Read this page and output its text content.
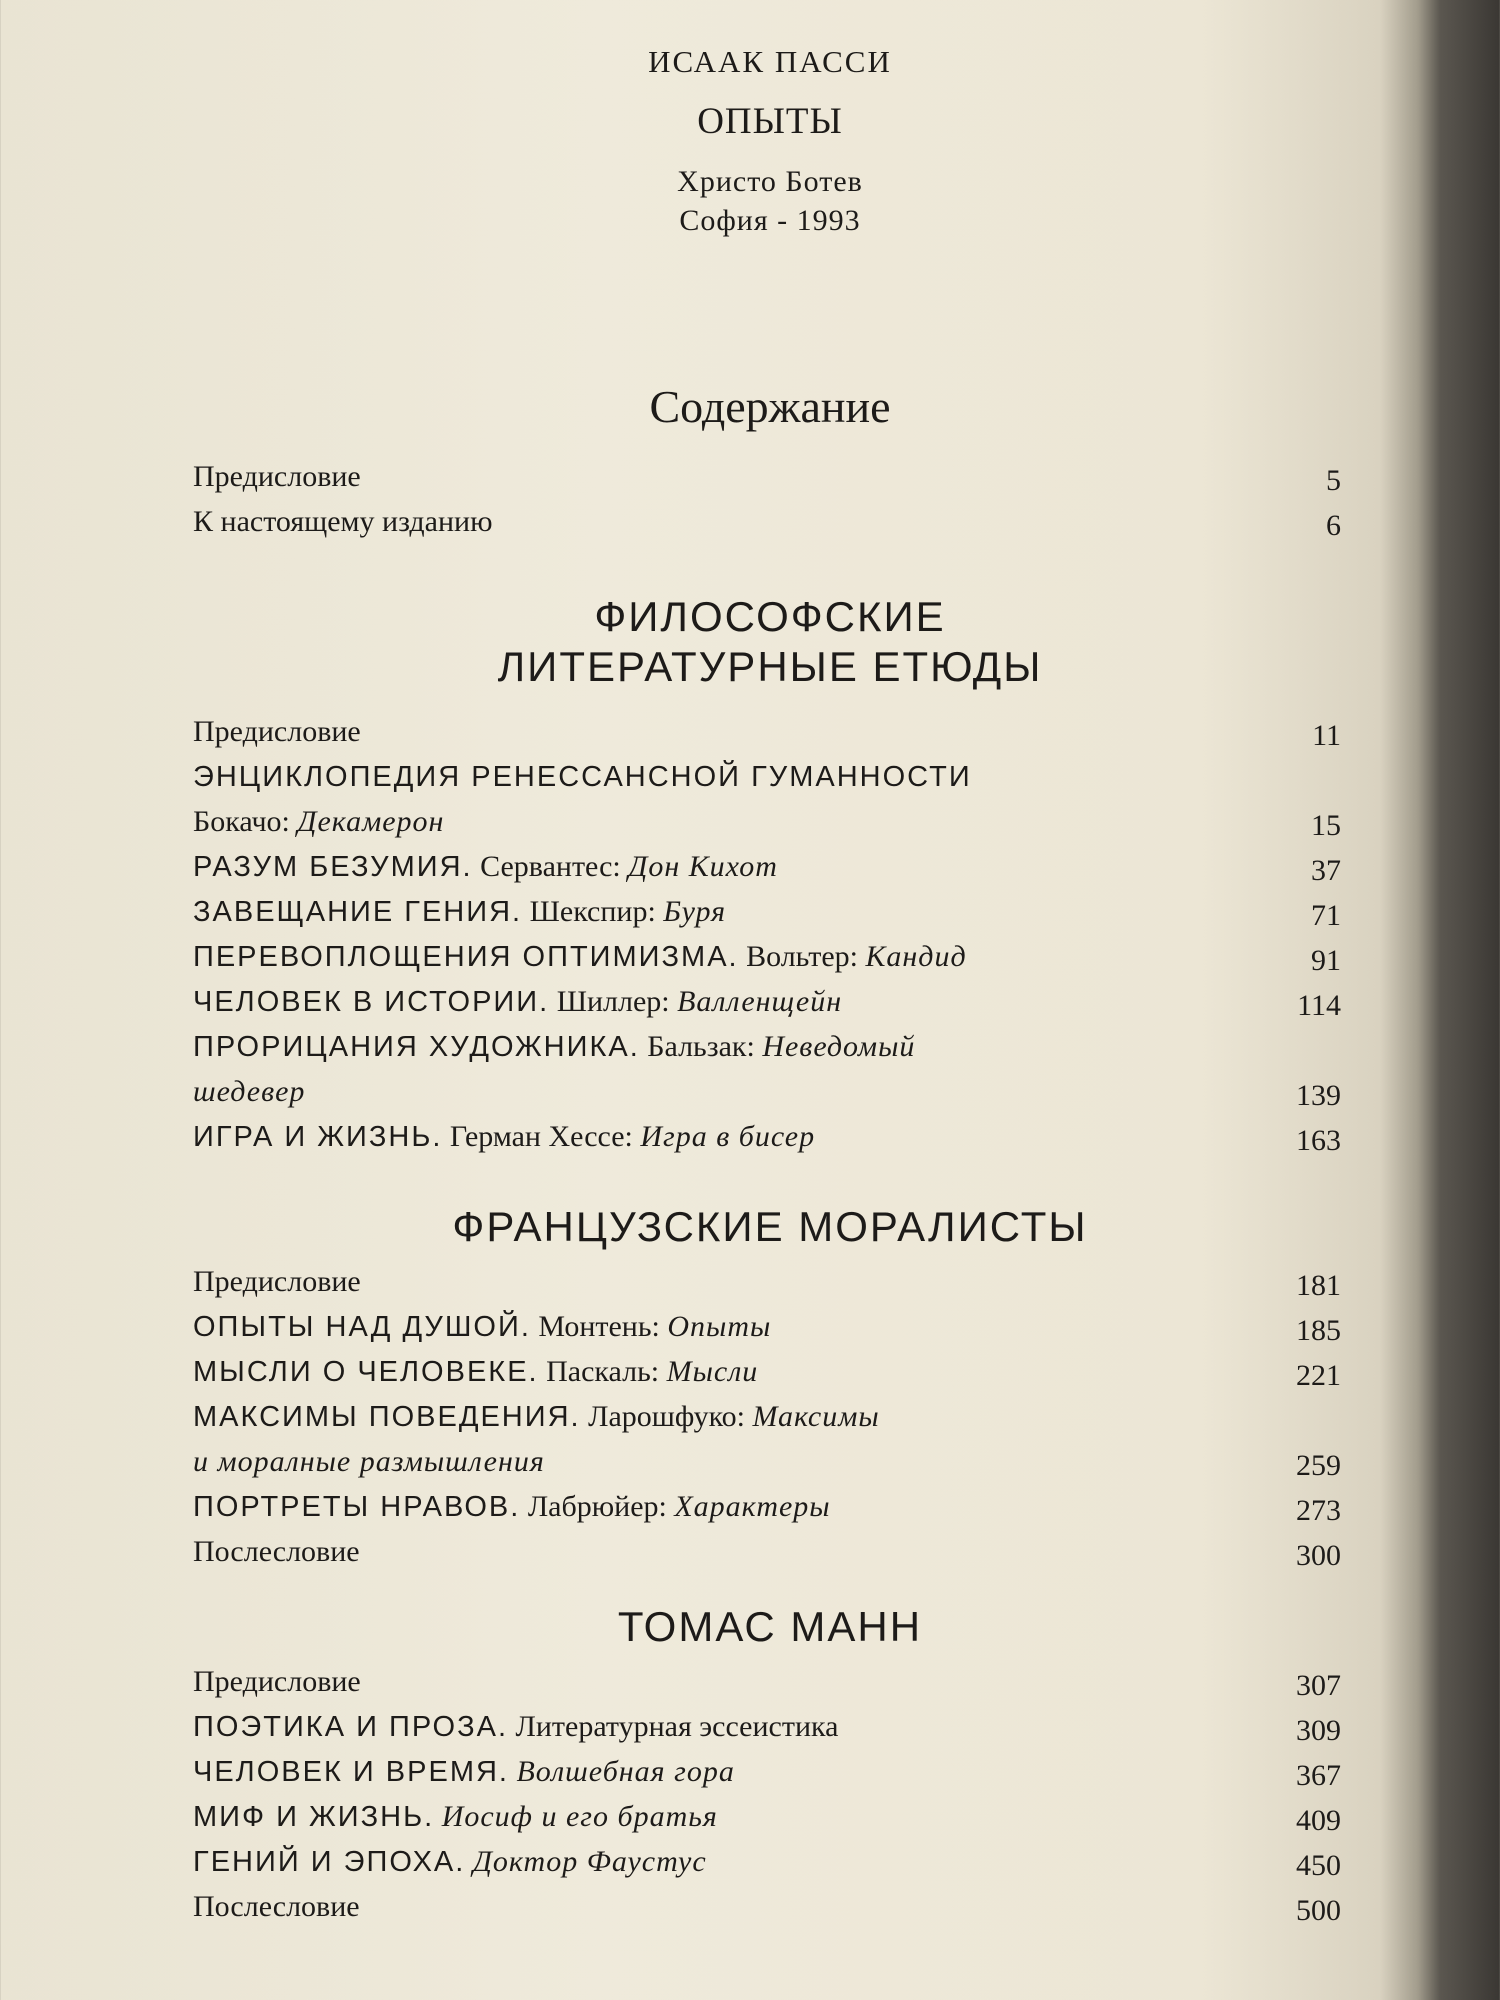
ИСААК ПАССИ
ОПЫТЫ
Христо Ботев
София - 1993
Содержание
Предисловие	5
К настоящему изданию	6
ФИЛОСОФСКИЕ
ЛИТЕРАТУРНЫЕ ЕТЮДЫ
ФРАНЦУЗСКИЕ МОРАЛИСТЫ
ТОМАС МАНН
Предисловие	11
ЭНЦИКЛОПЕДИЯ РЕНЕССАНСНОЙ ГУМАННОСТИ
Бокачо: Декамерон	15
РАЗУМ БЕЗУМИЯ. Сервантес: Дон Кихот	37
ЗАВЕЩАНИЕ ГЕНИЯ. Шекспир: Буря	71
ПЕРЕВОПЛОЩЕНИЯ ОПТИМИЗМА. Вольтер: Кандид	91
ЧЕЛОВЕК В ИСТОРИИ. Шиллер: Валленщейн	114
ПРОРИЦАНИЯ ХУДОЖНИКА. Бальзак: Неведомый
шедевер	139
ИГРА И ЖИЗНЬ. Герман Хессе: Игра в бисер	163
Предисловие	181
ОПЫТЫ НАД ДУШОЙ. Монтень: Опыты	185
МЫСЛИ О ЧЕЛОВЕКЕ. Паскаль: Мысли	221
МАКСИМЫ ПОВЕДЕНИЯ. Ларошфуко: Максимы
и моралные размышления	259
ПОРТРЕТЫ НРАВОВ. Лабрюйер: Характеры	273
Послесловие	300
Предисловие	307
ПОЭТИКА И ПРОЗА. Литературная эссеистика	309
ЧЕЛОВЕК И ВРЕМЯ. Волшебная гора	367
МИФ И ЖИЗНЬ. Иосиф и его братья	409
ГЕНИЙ И ЭПОХА. Доктор Фаустус	450
Послесловие	500
